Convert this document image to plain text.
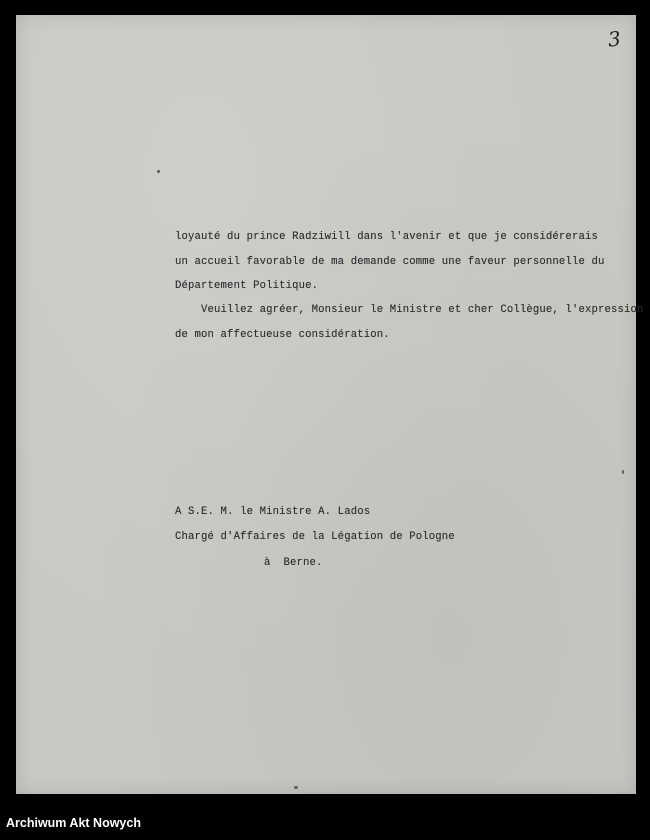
3
loyauté du prince Radziwill dans l'avenir et que je considérerais
un accueil favorable de ma demande comme une faveur personnelle du
Département Politique.
Veuillez agréer, Monsieur le Ministre et cher Collègue, l'expression
de mon affectueuse considération.
A S.E. M. le Ministre A. Lados
Chargé d'Affaires de la Légation de Pologne
à  Berne.
Archiwum Akt Nowych
